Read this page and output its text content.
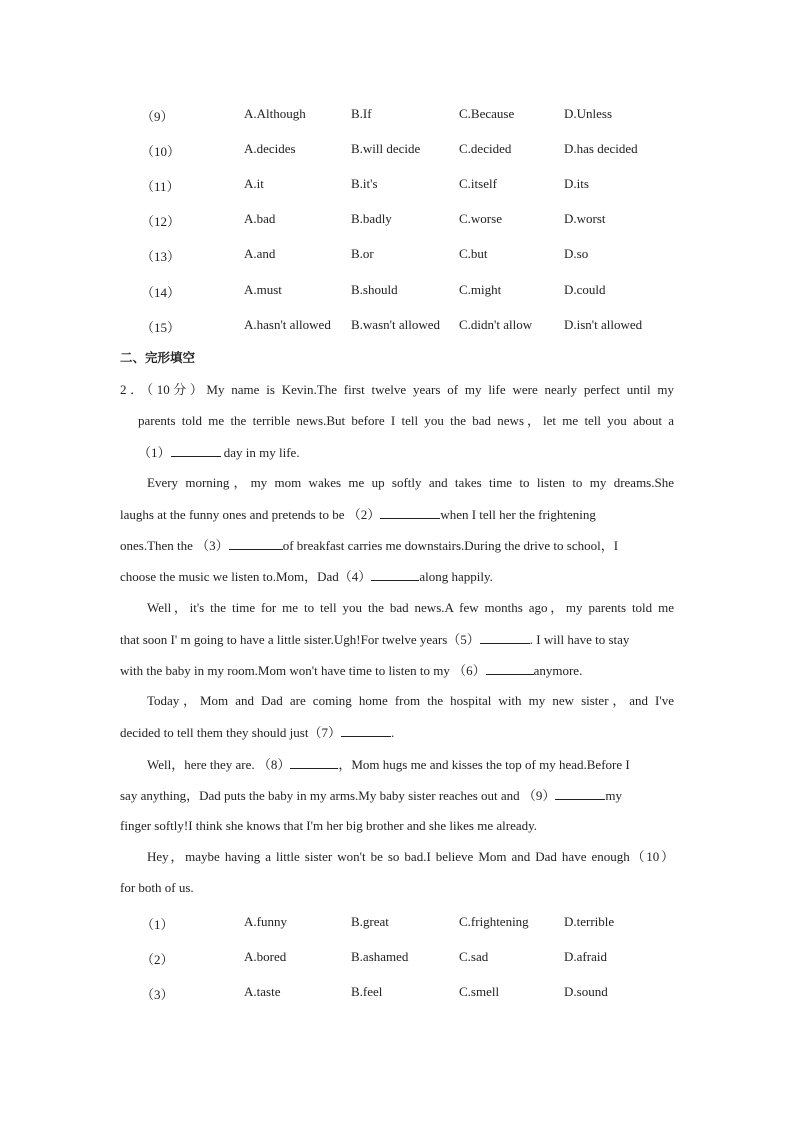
（9）	A.Although	B.If	C.Because	D.Unless
（10）	A.decides	B.will decide	C.decided	D.has decided
（11）	A.it	B.it's	C.itself	D.its
（12）	A.bad	B.badly	C.worse	D.worst
（13）	A.and	B.or	C.but	D.so
（14）	A.must	B.should	C.might	D.could
（15）	A.hasn't allowed B.wasn't allowed C.didn't allow D.isn't allowed
二、完形填空
2．（10分）My name is Kevin.The first twelve years of my life were nearly perfect until my
parents told me the terrible news.But before I tell you the bad news，let me tell you about a
（1）	day in my life.
Every morning，my mom wakes me up softly and takes time to listen to my dreams.She
laughs at the funny ones and pretends to be （2）	when I tell her the frightening
ones.Then the （3）	of breakfast carries me downstairs.During the drive to school，I
choose the music we listen to.Mom，Dad（4）	along happily.
Well，it's the time for me to tell you the bad news.A few months ago，my parents told me
that soon I' m going to have a little sister.Ugh!For twelve years（5）	. I will have to stay
with the baby in my room.Mom won't have time to listen to my （6）	anymore.
Today，Mom and Dad are coming home from the hospital with my new sister，and I've
decided to tell them they should just（7）	.
Well，here they are. （8）	，Mom hugs me and kisses the top of my head.Before I
say anything，Dad puts the baby in my arms.My baby sister reaches out and （9）	my
finger softly!I think she knows that I'm her big brother and she likes me already.
Hey，maybe having a little sister won't be so bad.I believe Mom and Dad have enough（10）
for both of us.
（1）	A.funny	B.great	C.frightening	D.terrible
（2）	A.bored	B.ashamed	C.sad	D.afraid
（3）	A.taste	B.feel	C.smell	D.sound
